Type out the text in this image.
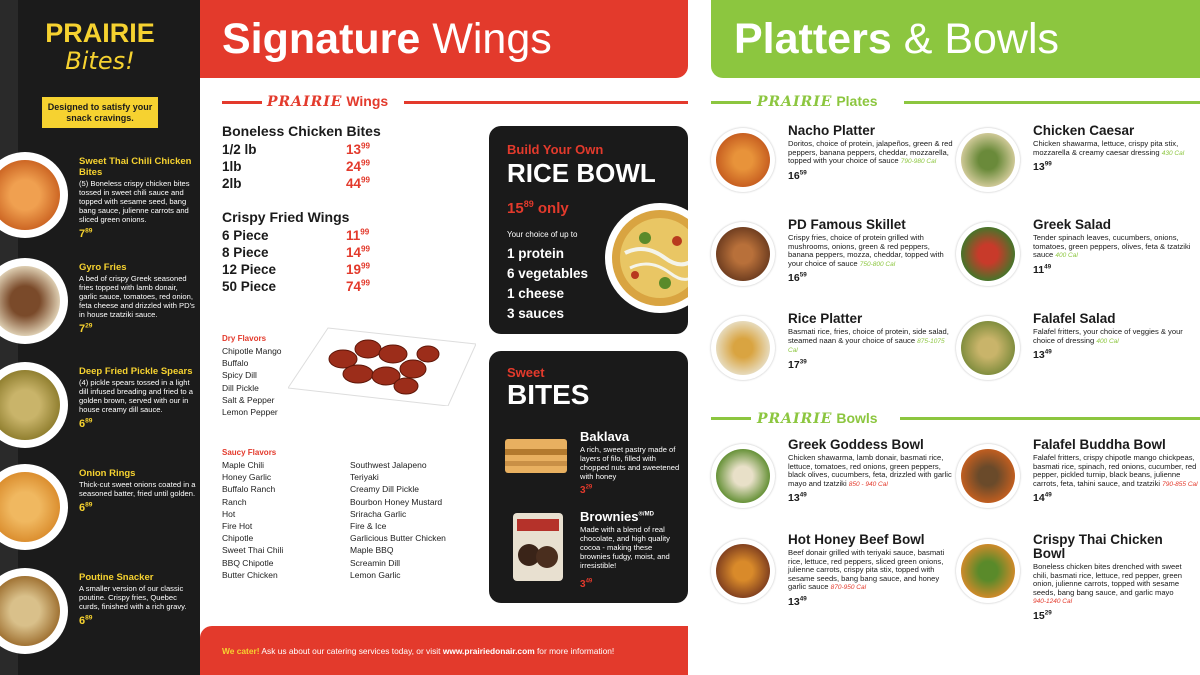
PRAIRIE
Bites!
Designed to satisfy your snack cravings.
Sweet Thai Chili Chicken Bites
(5) Boneless crispy chicken bites tossed in sweet chili sauce and topped with sesame seed, bang bang sauce, julienne carrots and sliced green onions.
$7^{89}$
Gyro Fries
A bed of crispy Greek seasoned fries topped with lamb donair, garlic sauce, tomatoes, red onion, feta cheese and drizzled with PD's in house tzatziki sauce.
$7^{29}$
Deep Fried Pickle Spears
(4) pickle spears tossed in a light dill infused breading and fried to a golden brown, served with our in house creamy dill sauce.
$6^{89}$
Onion Rings
Thick-cut sweet onions coated in a seasoned batter, fried until golden.
$6^{89}$
Poutine Snacker
A smaller version of our classic poutine. Crispy fries, Quebec curds, finished with a rich gravy.
$6^{89}$
Signature Wings
PRAIRIE Wings
Boneless Chicken Bites
1/2 lb	$13^{99}$
1lb	$24^{99}$
2lb	$44^{99}$
Crispy Fried Wings
6 Piece	$11^{99}$
8 Piece	$14^{99}$
12 Piece	$19^{99}$
50 Piece	$74^{99}$
Dry Flavors
Chipotle Mango
Buffalo
Spicy Dill
Dill Pickle
Salt & Pepper
Lemon Pepper
Saucy Flavors
Maple Chili
Honey Garlic
Buffalo Ranch
Ranch
Hot
Fire Hot
Chipotle
Sweet Thai Chili
BBQ Chipotle
Butter Chicken
Southwest Jalapeno
Teriyaki
Creamy Dill Pickle
Bourbon Honey Mustard
Sriracha Garlic
Fire & Ice
Garlicious Butter Chicken
Maple BBQ
Screamin Dill
Lemon Garlic
Build Your Own
RICE BOWL
$15^{89}$ only
Your choice of up to
1 protein
6 vegetables
1 cheese
3 sauces
Sweet
BITES
Baklava
A rich, sweet pastry made of layers of filo, filled with chopped nuts and sweetened with honey
$3^{29}$
Brownies$^{®/MD}$
Made with a blend of real chocolate, and high quality cocoa - making these brownies fudgy, moist, and irresistible!
$3^{49}$
We cater! Ask us about our catering services today, or visit www.prairiedonair.com for more information!
Platters & Bowls
PRAIRIE Plates
PRAIRIE Bowls
Nacho Platter
Doritos, choice of protein, jalapeños, green & red peppers, banana peppers, cheddar, mozzarella, topped with your choice of sauce 790-980 Cal
$16^{59}$
Chicken Caesar
Chicken shawarma, lettuce, crispy pita stix, mozzarella & creamy caesar dressing 430 Cal
$13^{99}$
PD Famous Skillet
Crispy fries, choice of protein grilled with mushrooms, onions, green & red peppers, banana peppers, mozza, cheddar, topped with your choice of sauce 750-800 Cal
$16^{59}$
Greek Salad
Tender spinach leaves, cucumbers, onions, tomatoes, green peppers, olives, feta & tzatziki sauce 400 Cal
$11^{49}$
Rice Platter
Basmati rice, fries, choice of protein, side salad, steamed naan & your choice of sauce 875-1075 Cal
$17^{39}$
Falafel Salad
Falafel fritters, your choice of veggies & your choice of dressing 400 Cal
$13^{49}$
Greek Goddess Bowl
Chicken shawarma, lamb donair, basmati rice, lettuce, tomatoes, red onions, green peppers, black olives, cucumbers, feta, drizzled with garlic mayo and tzatziki 850 - 940 Cal
$13^{49}$
Falafel Buddha Bowl
Falafel fritters, crispy chipotle mango chickpeas, basmati rice, spinach, red onions, cucumber, red pepper, pickled turnip, black beans, julienne carrots, feta, tahini sauce, and tzatziki 790-855 Cal
$14^{49}$
Hot Honey Beef Bowl
Beef donair grilled with teriyaki sauce, basmati rice, lettuce, red peppers, sliced green onions, julienne carrots, crispy pita stix, topped with sesame seeds, bang bang sauce, and honey garlic sauce 870-950 Cal
$13^{49}$
Crispy Thai Chicken Bowl
Boneless chicken bites drenched with sweet chili, basmati rice, lettuce, red pepper, green onion, julienne carrots, topped with sesame seeds, bang bang sauce, and garlic mayo 940-1240 Cal
$15^{29}$
